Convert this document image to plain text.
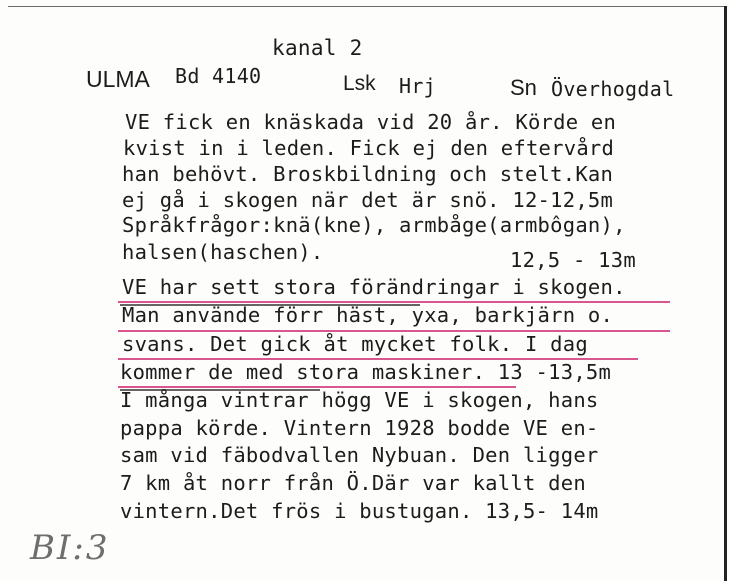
kanal 2
ULMA Bd 4140	Lsk Hrj	Sn Överhogdal
VE fick en knäskada vid 20 år. Körde en
kvist in i leden. Fick ej den eftervård
han behövt. Broskbildning och stelt.Kan
ej gå i skogen när det är snö. 12-12,5m
Språkfrågor:knä(kne), armbåge(armbôgan),
halsen(haschen).	12,5 - 13m
VE har sett stora förändringar i skogen.
Man använde förr häst, yxa, barkjärn o.
svans. Det gick åt mycket folk. I dag
kommer de med stora maskiner. 13 -13,5m
I många vintrar högg VE i skogen, hans
pappa körde. Vintern 1928 bodde VE en-
sam vid fäbodvallen Nybuan. Den ligger
7 km åt norr från Ö.Där var kallt den
vintern.Det frös i bustugan. 13,5- 14m
BI:3
